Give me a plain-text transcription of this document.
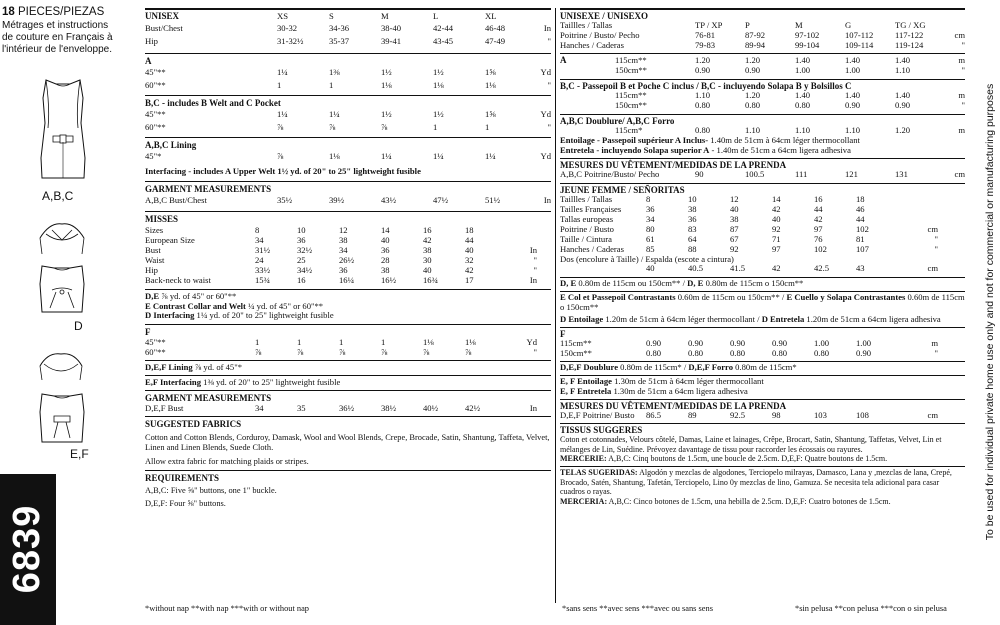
18 PIECES/PIEZAS
Métrages et instructions de couture en Français à l'intérieur de l'enveloppe.
A,B,C
D
E,F
6839
UNISEX	XS	S	M	L	XL
Bust/Chest	30-32	34-36	38-40	42-44	46-48	In
Hip	31-32½	35-37	39-41	43-45	47-49	"
A
45"**	1¼	1⅜	1½	1½	1⅝	Yd
60"**	1	1	1⅛	1⅛	1⅛	"
B,C - includes B Welt and C Pocket
45"**	1¼	1¼	1½	1½	1⅝	Yd
60"**	⅞	⅞	⅞	1	1	"
A,B,C Lining
45"*	⅞	1⅛	1¼	1¼	1¼	Yd
Interfacing - includes A Upper Welt 1½ yd. of 20" to 25" lightweight fusible
GARMENT MEASUREMENTS
A,B,C Bust/Chest	35½	39½	43½	47½	51½	In
MISSES
Sizes	8	10	12	14	16	18
European Size	34	36	38	40	42	44
Bust	31½	32½	34	36	38	40	In
Waist	24	25	26½	28	30	32	"
Hip	33½	34½	36	38	40	42	"
Back-neck to waist	15¾	16	16¼	16½	16¾	17	In
D,E ⅞ yd. of 45" or 60"**
E Contrast Collar and Welt ¼ yd. of 45" or 60"**
D Interfacing 1¼ yd. of 20" to 25" lightweight fusible
F
45"**	1	1	1	1	1⅛	1⅛	Yd
60"**	⅞	⅞	⅞	⅞	⅞	⅞	"
D,E,F Lining ⅞ yd. of 45"*
E,F Interfacing 1⅜ yd. of 20" to 25" lightweight fusible
GARMENT MEASUREMENTS
D,E,F Bust	34	35	36½	38½	40½	42½	In
SUGGESTED FABRICS
Cotton and Cotton Blends, Corduroy, Damask, Wool and Wool Blends, Crepe, Brocade, Satin, Shantung, Taffeta, Velvet, Linen and Linen Blends, Suede Cloth.
Allow extra fabric for matching plaids or stripes.
REQUIREMENTS
A,B,C: Five ⅝" buttons, one 1" buckle.
D,E,F: Four ⅝" buttons.
*without nap **with nap ***with or without nap
UNISEXE / UNISEXO
Taillles / Tallas	TP / XP	P	M	G	TG / XG
Poitrine / Busto/ Pecho	76-81	87-92	97-102	107-112	117-122	cm
Hanches / Caderas	79-83	89-94	99-104	109-114	119-124	"
A	115cm**	1.20	1.20	1.40	1.40	1.40	m
150cm**	0.90	0.90	1.00	1.00	1.10	"
B,C - Passepoil B et Poche C inclus / B,C - incluyendo Solapa B y Bolsillos C
115cm**	1.10	1.20	1.40	1.40	1.40	m
150cm**	0.80	0.80	0.80	0.90	0.90	"
A,B,C Doublure/ A,B,C Forro
115cm*	0.80	1.10	1.10	1.10	1.20	m
Entoilage - Passepoil supérieur A Inclus- 1.40m de 51cm à 64cm léger thermocollant
Entretela - incluyendo Solapa superior A - 1.40m de 51cm a 64cm ligera adhesiva
MESURES DU VÊTEMENT/MEDIDAS DE LA PRENDA
A,B,C Poitrine/Busto/ Pecho	90	100.5	111	121	131	cm
JEUNE FEMME / SEÑORITAS
Taillles / Tallas	8	10	12	14	16	18
Tailles Françaises	36	38	40	42	44	46
Tallas europeas	34	36	38	40	42	44
Poitrine / Busto	80	83	87	92	97	102	cm
Taille / Cintura	61	64	67	71	76	81	"
Hanches / Caderas	85	88	92	97	102	107	"
Dos (encolure à Taille) / Espalda (escote a cintura)
40	40.5	41.5	42	42.5	43	cm
D, E 0.80m de 115cm ou 150cm** / D, E 0.80m de 115cm o 150cm**
E Col et Passepoil Contrastants 0.60m de 115cm ou 150cm** / E Cuello y Solapa Contrastantes 0.60m de 115cm o 150cm**
D Entoilage 1.20m de 51cm à 64cm léger thermocollant / D Entretela 1.20m de 51cm a 64cm ligera adhesiva
F
115cm**	0.90	0.90	0.90	0.90	1.00	1.00	m
150cm**	0.80	0.80	0.80	0.80	0.80	0.90	"
D,E,F Doublure 0.80m de 115cm* / D,E,F Forro 0.80m de 115cm*
E, F Entoilage 1.30m de 51cm à 64cm léger thermocollant
E, F Entretela 1.30m de 51cm a 64cm ligera adhesiva
MESURES DU VÊTEMENT/MEDIDAS DE LA PRENDA
D,E,F Poitrine/ Busto	86.5	89	92.5	98	103	108	cm
TISSUS SUGGERES
Coton et cotonnades, Velours côtelé, Damas, Laine et lainages, Crêpe, Brocart, Satin, Shantung, Taffetas, Velvet, Lin et mélanges de Lin, Suédine. Prévoyez davantage de tissu pour raccorder les écossais ou rayures.
MERCERIE: A,B,C: Cinq boutons de 1.5cm, une boucle de 2.5cm. D,E,F: Quatre boutons de 1.5cm.
TELAS SUGERIDAS: Algodón y mezclas de algodones, Terciopelo milrayas, Damasco, Lana y ,mezclas de lana, Crepé, Brocado, Satén, Shantung, Tafetán, Terciopelo, Lino 0y mezclas de lino, Gamuza. Se necesita tela adicional para casar cuadros o rayas.
MERCERIA: A,B,C: Cinco botones de 1.5cm, una hebilla de 2.5cm. D,E,F: Cuatro botones de 1.5cm.
*sans sens **avec sens ***avec ou sans sens	*sin pelusa **con pelusa ***con o sin pelusa
To be used for individual private home use only and not for commercial or manufacturing purposes
